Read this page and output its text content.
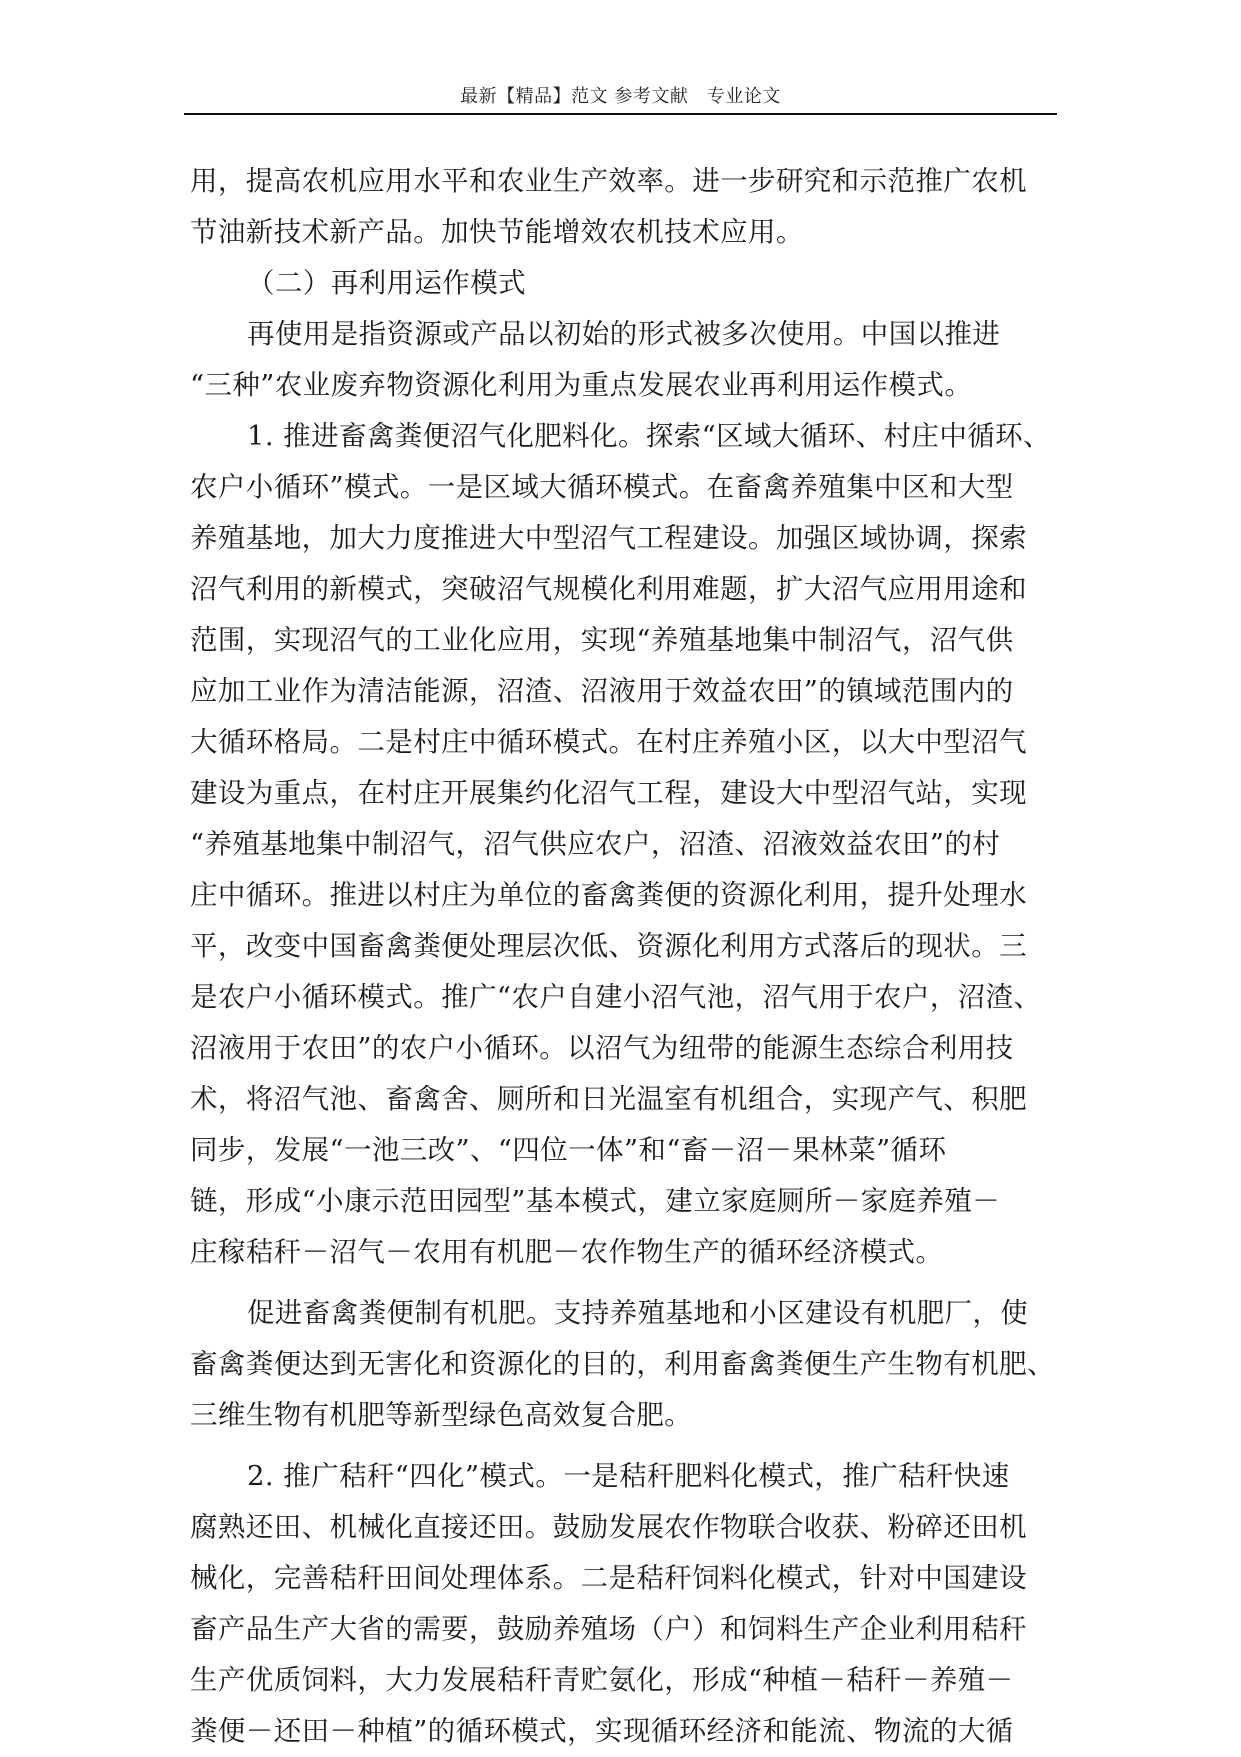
最新【精品】范文 参考文献　专业论文
用，提高农机应用水平和农业生产效率。进一步研究和示范推广农机
节油新技术新产品。加快节能增效农机技术应用。
（二）再利用运作模式
再使用是指资源或产品以初始的形式被多次使用。中国以推进
“三种”农业废弃物资源化利用为重点发展农业再利用运作模式。
1. 推进畜禽粪便沼气化肥料化。探索“区域大循环、村庄中循环、
农户小循环”模式。一是区域大循环模式。在畜禽养殖集中区和大型
养殖基地，加大力度推进大中型沼气工程建设。加强区域协调，探索
沼气利用的新模式，突破沼气规模化利用难题，扩大沼气应用用途和
范围，实现沼气的工业化应用，实现“养殖基地集中制沼气，沼气供
应加工业作为清洁能源，沼渣、沼液用于效益农田”的镇域范围内的
大循环格局。二是村庄中循环模式。在村庄养殖小区，以大中型沼气
建设为重点，在村庄开展集约化沼气工程，建设大中型沼气站，实现
“养殖基地集中制沼气，沼气供应农户，沼渣、沼液效益农田”的村
庄中循环。推进以村庄为单位的畜禽粪便的资源化利用，提升处理水
平，改变中国畜禽粪便处理层次低、资源化利用方式落后的现状。三
是农户小循环模式。推广“农户自建小沼气池，沼气用于农户，沼渣、
沼液用于农田”的农户小循环。以沼气为纽带的能源生态综合利用技
术，将沼气池、畜禽舍、厕所和日光温室有机组合，实现产气、积肥
同步，发展“一池三改”、“四位一体”和“畜－沼－果林菜”循环
链，形成“小康示范田园型”基本模式，建立家庭厕所－家庭养殖－
庄稼秸秆－沼气－农用有机肥－农作物生产的循环经济模式。
促进畜禽粪便制有机肥。支持养殖基地和小区建设有机肥厂，使
畜禽粪便达到无害化和资源化的目的，利用畜禽粪便生产生物有机肥、
三维生物有机肥等新型绿色高效复合肥。
2. 推广秸秆“四化”模式。一是秸秆肥料化模式，推广秸秆快速
腐熟还田、机械化直接还田。鼓励发展农作物联合收获、粉碎还田机
械化，完善秸秆田间处理体系。二是秸秆饲料化模式，针对中国建设
畜产品生产大省的需要，鼓励养殖场（户）和饲料生产企业利用秸秆
生产优质饲料，大力发展秸秆青贮氨化，形成“种植－秸秆－养殖－
粪便－还田－种植”的循环模式，实现循环经济和能流、物流的大循
